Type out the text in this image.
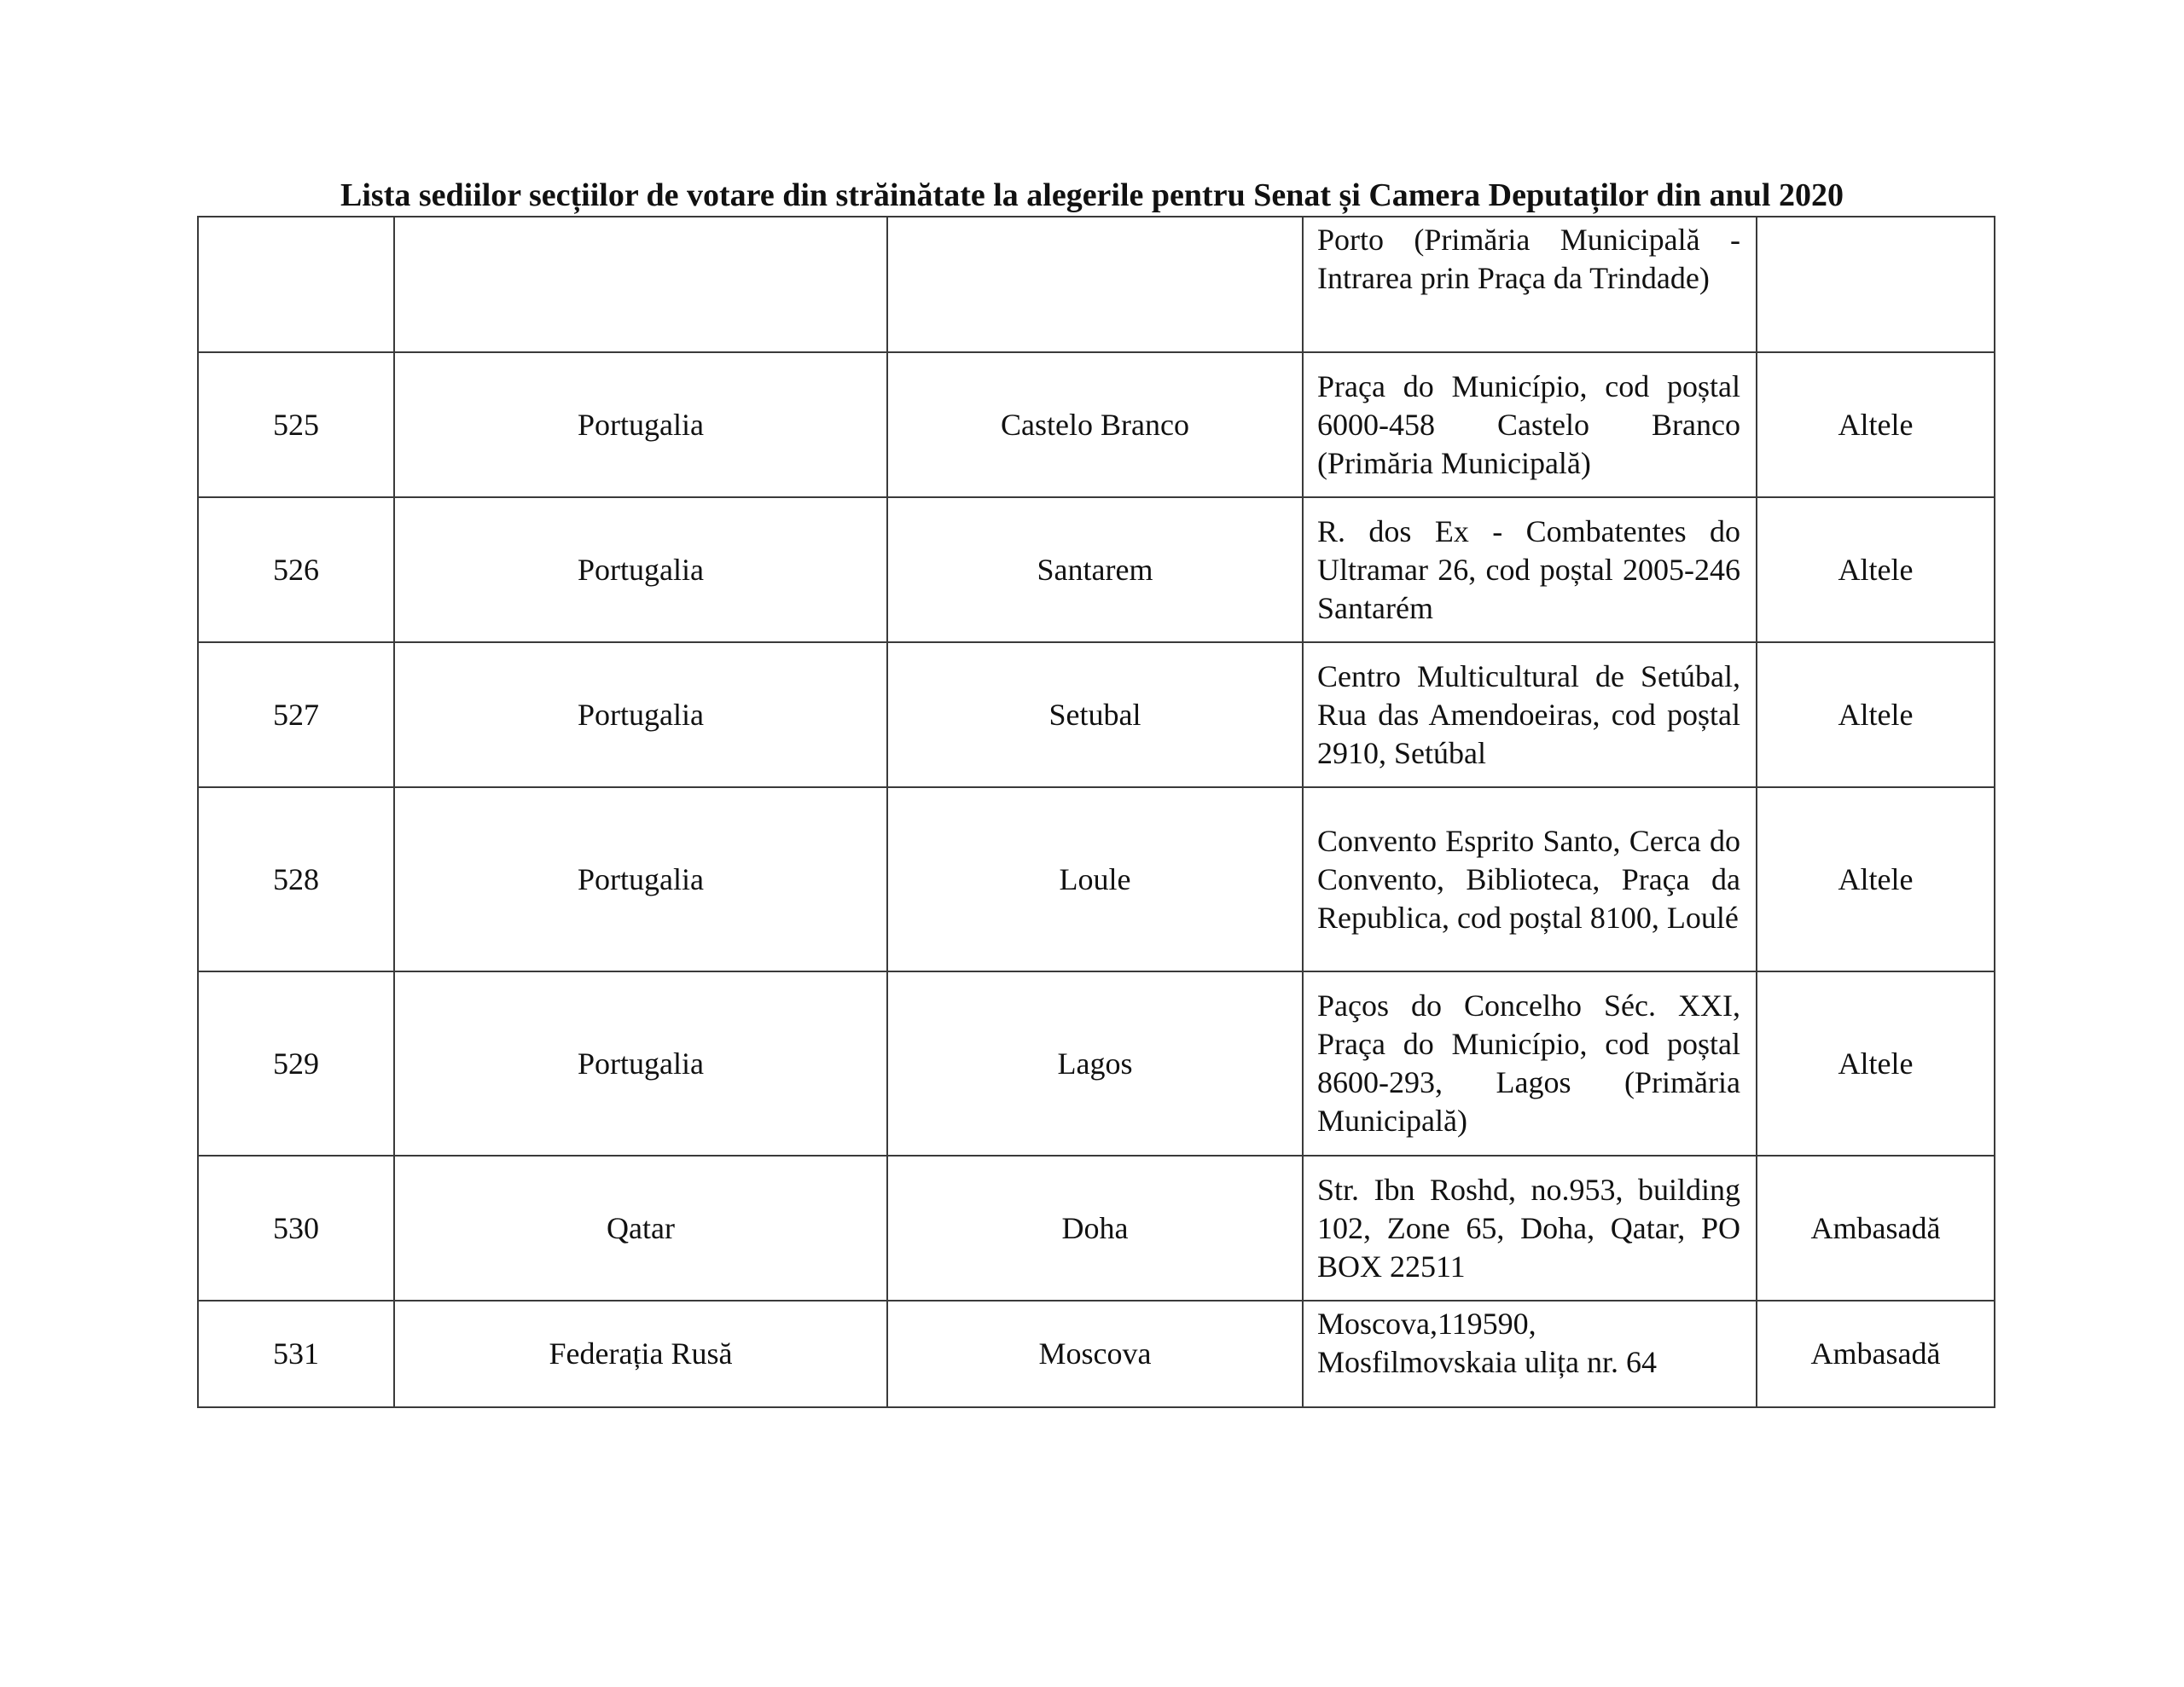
Lista sediilor secțiilor de votare din străinătate la alegerile pentru Senat și Camera Deputaților din anul 2020
			Porto (Primăria Municipală - Intrarea prin Praça da Trindade)	
525	Portugalia	Castelo Branco	Praça do Município, cod poștal 6000-458 Castelo Branco (Primăria Municipală)	Altele
526	Portugalia	Santarem	R. dos Ex - Combatentes do Ultramar 26, cod poștal 2005-246 Santarém	Altele
527	Portugalia	Setubal	Centro Multicultural de Setúbal, Rua das Amendoeiras, cod poștal 2910, Setúbal	Altele
528	Portugalia	Loule	Convento Esprito Santo, Cerca do Convento, Biblioteca, Praça da Republica, cod poștal 8100, Loulé	Altele
529	Portugalia	Lagos	Paços do Concelho Séc. XXI, Praça do Município, cod poștal 8600-293, Lagos (Primăria Municipală)	Altele
530	Qatar	Doha	Str. Ibn Roshd, no.953, building 102, Zone 65, Doha, Qatar, PO BOX 22511	Ambasadă
531	Federația Rusă	Moscova	Moscova,119590, Mosfilmovskaia ulița nr. 64	Ambasadă
